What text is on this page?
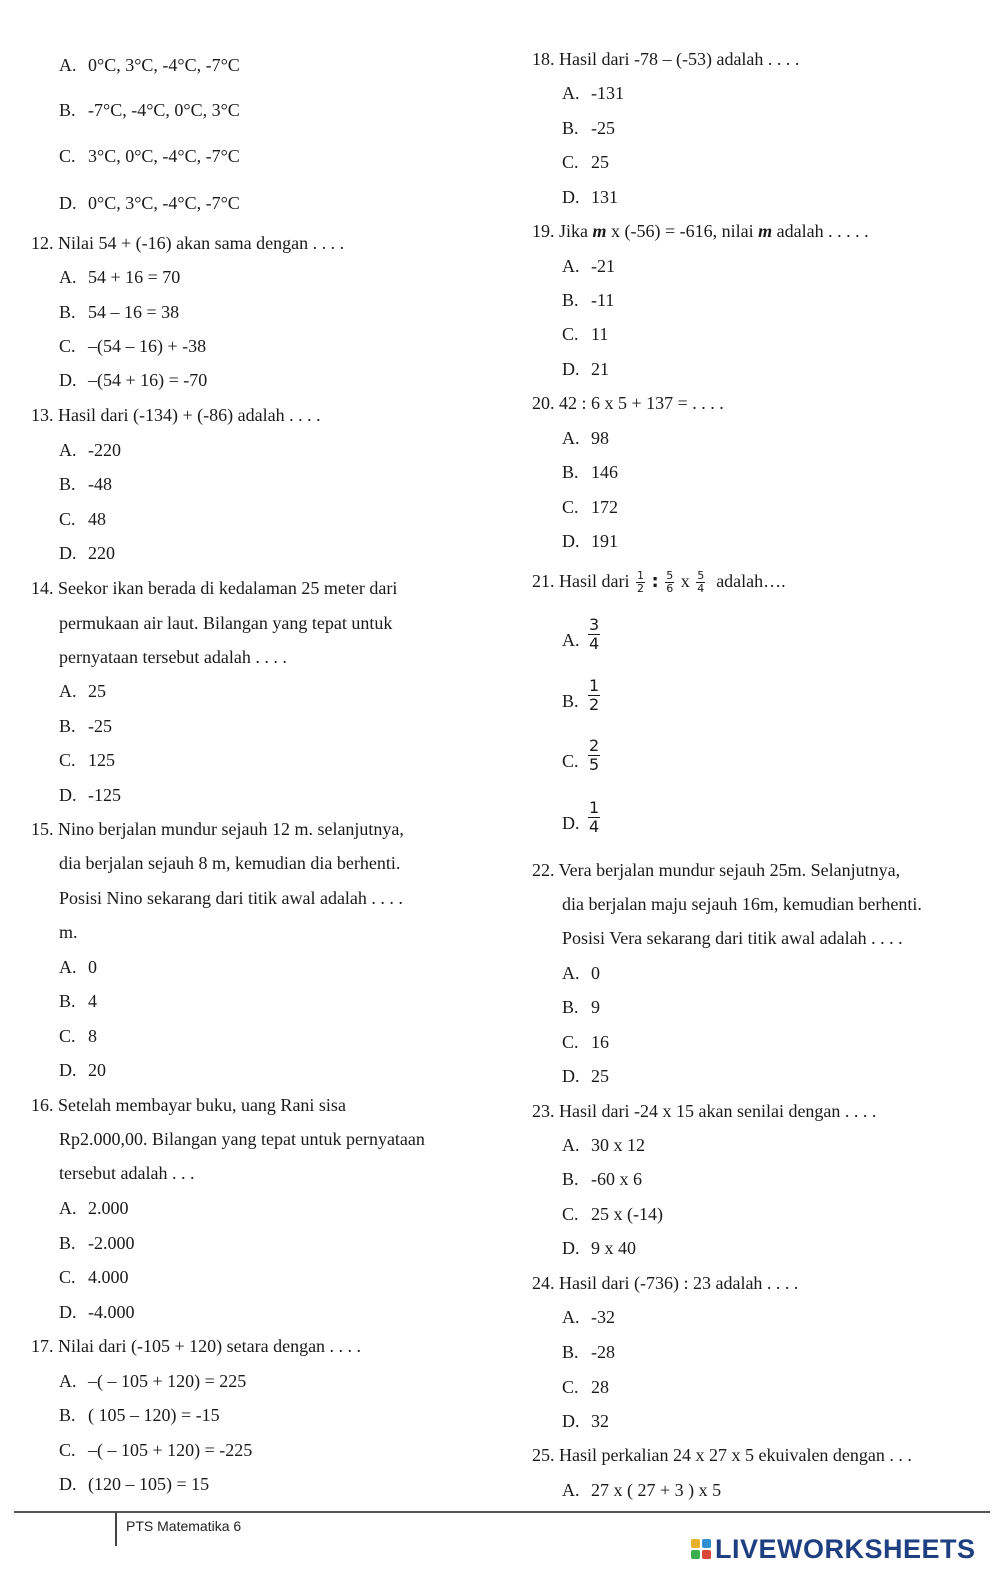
A. 0°C, 3°C, -4°C, -7°C
B. -7°C, -4°C, 0°C, 3°C
C. 3°C, 0°C, -4°C, -7°C
D. 0°C, 3°C, -4°C, -7°C
12. Nilai 54 + (-16) akan sama dengan . . . .
A. 54 + 16 = 70
B. 54 – 16 = 38
C. –(54 – 16) + -38
D. –(54 + 16) = -70
13. Hasil dari (-134) + (-86) adalah . . . .
A. -220
B. -48
C. 48
D. 220
14. Seekor ikan berada di kedalaman 25 meter dari
permukaan air laut. Bilangan yang tepat untuk
pernyataan tersebut adalah . . . .
A. 25
B. -25
C. 125
D. -125
15. Nino berjalan mundur sejauh 12 m. selanjutnya,
dia berjalan sejauh 8 m, kemudian dia berhenti.
Posisi Nino sekarang dari titik awal adalah . . . .
m.
A. 0
B. 4
C. 8
D. 20
16. Setelah membayar buku, uang Rani sisa
Rp2.000,00. Bilangan yang tepat untuk pernyataan
tersebut adalah . . .
A. 2.000
B. -2.000
C. 4.000
D. -4.000
17. Nilai dari (-105 + 120) setara dengan . . . .
A. –( – 105 + 120) = 225
B. ( 105 – 120) = -15
C. –( – 105 + 120) = -225
D. (120 – 105) = 15
18. Hasil dari -78 – (-53) adalah . . . .
A. -131
B. -25
C. 25
D. 131
19. Jika m x (-56) = -616, nilai m adalah . . . . .
A. -21
B. -11
C. 11
D. 21
20. 42 : 6 x 5 + 137 = . . . .
A. 98
B. 146
C. 172
D. 191
21. Hasil dari $\frac{1}{2}$ : $\frac{5}{6}$ x $\frac{5}{4}$ adalah….
A.
3
4
B.
1
2
C.
2
5
D.
1
4
22. Vera berjalan mundur sejauh 25m. Selanjutnya,
dia berjalan maju sejauh 16m, kemudian berhenti.
Posisi Vera sekarang dari titik awal adalah . . . .
A. 0
B. 9
C. 16
D. 25
23. Hasil dari -24 x 15 akan senilai dengan . . . .
A. 30 x 12
B. -60 x 6
C. 25 x (-14)
D. 9 x 40
24. Hasil dari (-736) : 23 adalah . . . .
A. -32
B. -28
C. 28
D. 32
25. Hasil perkalian 24 x 27 x 5 ekuivalen dengan . . .
A. 27 x ( 27 + 3 ) x 5
PTS Matematika 6
LIVEWORKSHEETS
